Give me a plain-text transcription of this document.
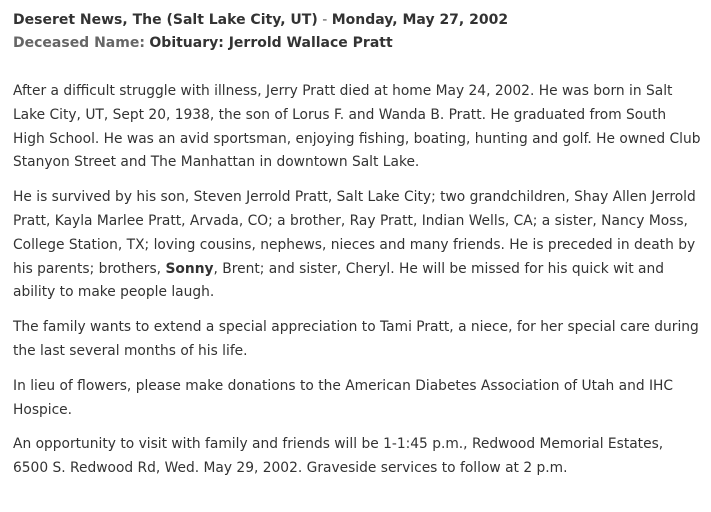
Deseret News, The (Salt Lake City, UT) - Monday, May 27, 2002
Deceased Name: Obituary: Jerrold Wallace Pratt

After a difficult struggle with illness, Jerry Pratt died at home May 24, 2002. He was born in Salt Lake City, UT, Sept 20, 1938, the son of Lorus F. and Wanda B. Pratt. He graduated from South High School. He was an avid sportsman, enjoying fishing, boating, hunting and golf. He owned Club Stanyon Street and The Manhattan in downtown Salt Lake.

He is survived by his son, Steven Jerrold Pratt, Salt Lake City; two grandchildren, Shay Allen Jerrold Pratt, Kayla Marlee Pratt, Arvada, CO; a brother, Ray Pratt, Indian Wells, CA; a sister, Nancy Moss, College Station, TX; loving cousins, nephews, nieces and many friends. He is preceded in death by his parents; brothers, Sonny, Brent; and sister, Cheryl. He will be missed for his quick wit and ability to make people laugh.

The family wants to extend a special appreciation to Tami Pratt, a niece, for her special care during the last several months of his life.

In lieu of flowers, please make donations to the American Diabetes Association of Utah and IHC Hospice.

An opportunity to visit with family and friends will be 1-1:45 p.m., Redwood Memorial Estates, 6500 S. Redwood Rd, Wed. May 29, 2002. Graveside services to follow at 2 p.m.
